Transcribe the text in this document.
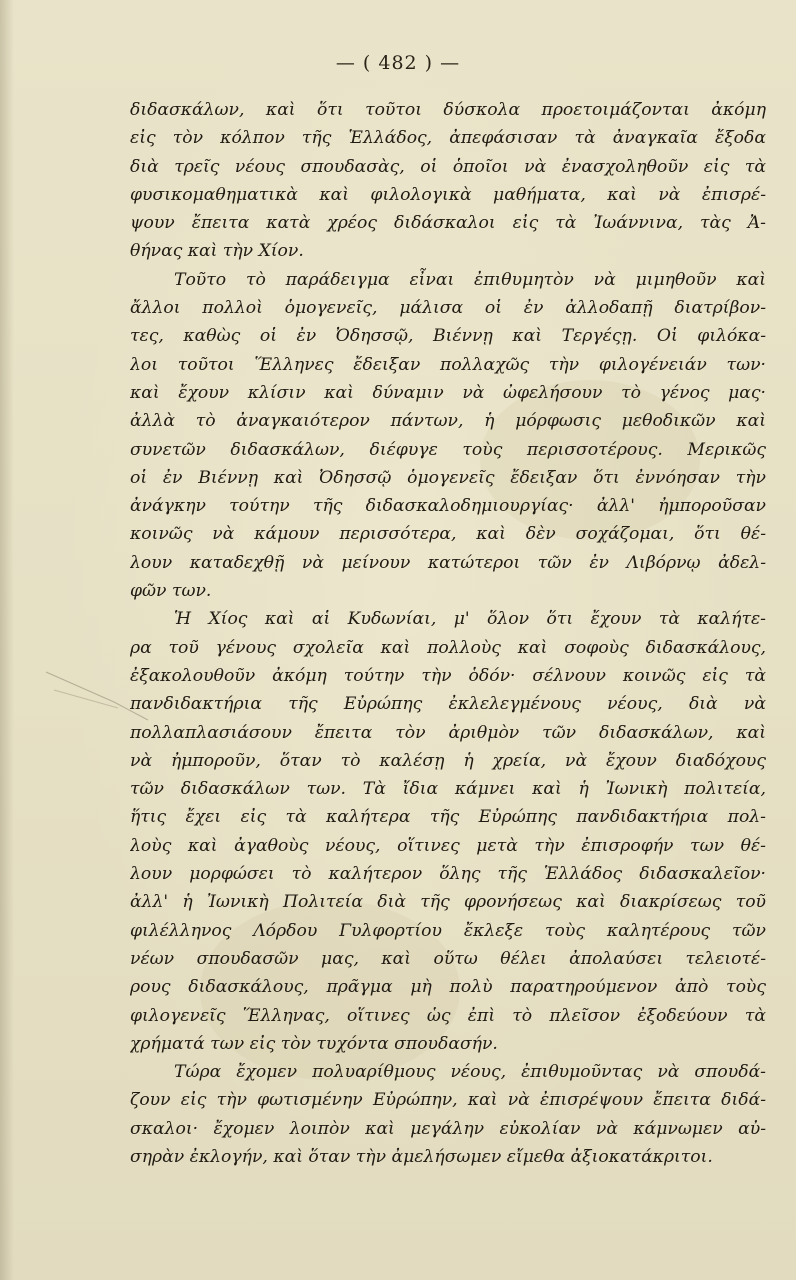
— ( 482 ) —
διδασκάλων, καὶ ὅτι τοῦτοι δύσκολα προετοιμάζονται ἀκόμη
εἰς τὸν κόλπον τῆς Ἑλλάδος, ἀπεφάσισαν τὰ ἀναγκαῖα ἔξοδα
διὰ τρεῖς νέους σπουδασὰς, οἱ ὁποῖοι νὰ ἐνασχοληθοῦν εἰς τὰ
φυσικομαθηματικὰ καὶ φιλολογικὰ μαθήματα, καὶ νὰ ἐπισρέ-
ψουν ἔπειτα κατὰ χρέος διδάσκαλοι εἰς τὰ Ἰωάννινα, τὰς Ἀ-
θήνας καὶ τὴν Χίον.
Τοῦτο τὸ παράδειγμα εἶναι ἐπιθυμητὸν νὰ μιμηθοῦν καὶ
ἄλλοι πολλοὶ ὁμογενεῖς, μάλισα οἱ ἐν ἀλλοδαπῇ διατρίβον-
τες, καθὼς οἱ ἐν Ὀδησσῷ, Βιέννῃ καὶ Τεργέςῃ. Οἱ φιλόκα-
λοι τοῦτοι Ἕλληνες ἔδειξαν πολλαχῶς τὴν φιλογένειάν των·
καὶ ἔχουν κλίσιν καὶ δύναμιν νὰ ὠφελήσουν τὸ γένος μας·
ἀλλὰ τὸ ἀναγκαιότερον πάντων, ἡ μόρφωσις μεθοδικῶν καὶ
συνετῶν διδασκάλων, διέφυγε τοὺς περισσοτέρους. Μερικῶς
οἱ ἐν Βιέννῃ καὶ Ὀδησσῷ ὁμογενεῖς ἔδειξαν ὅτι ἐννόησαν τὴν
ἀνάγκην τούτην τῆς διδασκαλοδημιουργίας· ἀλλ' ἠμποροῦσαν
κοινῶς νὰ κάμουν περισσότερα, καὶ δὲν σοχάζομαι, ὅτι θέ-
λουν καταδεχθῇ νὰ μείνουν κατώτεροι τῶν ἐν Λιβόρνῳ ἀδελ-
φῶν των.
Ἡ Χίος καὶ αἱ Κυδωνίαι, μ' ὅλον ὅτι ἔχουν τὰ καλήτε-
ρα τοῦ γένους σχολεῖα καὶ πολλοὺς καὶ σοφοὺς διδασκάλους,
ἐξακολουθοῦν ἀκόμη τούτην τὴν ὁδόν· σέλνουν κοινῶς εἰς τὰ
πανδιδακτήρια τῆς Εὐρώπης ἐκλελεγμένους νέους, διὰ νὰ
πολλαπλασιάσουν ἔπειτα τὸν ἀριθμὸν τῶν διδασκάλων, καὶ
νὰ ἠμποροῦν, ὅταν τὸ καλέσῃ ἡ χρεία, νὰ ἔχουν διαδόχους
τῶν διδασκάλων των. Τὰ ἴδια κάμνει καὶ ἡ Ἰωνικὴ πολιτεία,
ἥτις ἔχει εἰς τὰ καλήτερα τῆς Εὐρώπης πανδιδακτήρια πολ-
λοὺς καὶ ἀγαθοὺς νέους, οἵτινες μετὰ τὴν ἐπισροφήν των θέ-
λουν μορφώσει τὸ καλήτερον ὅλης τῆς Ἑλλάδος διδασκαλεῖον·
ἀλλ' ἡ Ἰωνικὴ Πολιτεία διὰ τῆς φρονήσεως καὶ διακρίσεως τοῦ
φιλέλληνος Λόρδου Γυλφορτίου ἔκλεξε τοὺς καλητέρους τῶν
νέων σπουδασῶν μας, καὶ οὕτω θέλει ἀπολαύσει τελειοτέ-
ρους διδασκάλους, πρᾶγμα μὴ πολὺ παρατηρούμενον ἀπὸ τοὺς
φιλογενεῖς Ἕλληνας, οἵτινες ὡς ἐπὶ τὸ πλεῖσον ἐξοδεύουν τὰ
χρήματά των εἰς τὸν τυχόντα σπουδασήν.
Τώρα ἔχομεν πολυαρίθμους νέους, ἐπιθυμοῦντας νὰ σπουδά-
ζουν εἰς τὴν φωτισμένην Εὐρώπην, καὶ νὰ ἐπισρέψουν ἔπειτα διδά-
σκαλοι· ἔχομεν λοιπὸν καὶ μεγάλην εὐκολίαν νὰ κάμνωμεν αὐ-
σηρὰν ἐκλογήν, καὶ ὅταν τὴν ἀμελήσωμεν εἴμεθα ἀξιοκατάκριτοι.
